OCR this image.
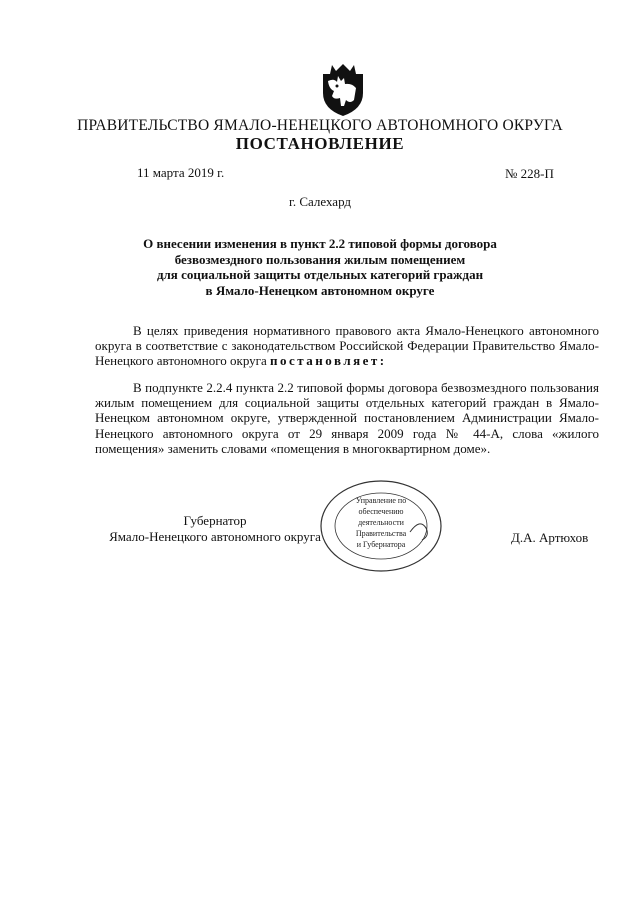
ПРАВИТЕЛЬСТВО ЯМАЛО-НЕНЕЦКОГО АВТОНОМНОГО ОКРУГА
ПОСТАНОВЛЕНИЕ
11 марта 2019 г.	№ 228-П
г. Салехард
О внесении изменения в пункт 2.2 типовой формы договора
безвозмездного пользования жилым помещением
для социальной защиты отдельных категорий граждан
в Ямало-Ненецком автономном округе
В целях приведения нормативного правового акта Ямало-Ненецкого автономного округа в соответствие с законодательством Российской Федерации Правительство Ямало-Ненецкого автономного округа постановляет:
В подпункте 2.2.4 пункта 2.2 типовой формы договора безвозмездного пользования жилым помещением для социальной защиты отдельных категорий граждан в Ямало-Ненецком автономном округе, утвержденной постановлением Администрации Ямало-Ненецкого автономного округа от 29 января 2009 года № 44-А, слова «жилого помещения» заменить словами «помещения в многоквартирном доме».
Губернатор
Ямало-Ненецкого автономного округа
Управление по
обеспечению
деятельности
Правительства
и Губернатора	Д.А. Артюхов
